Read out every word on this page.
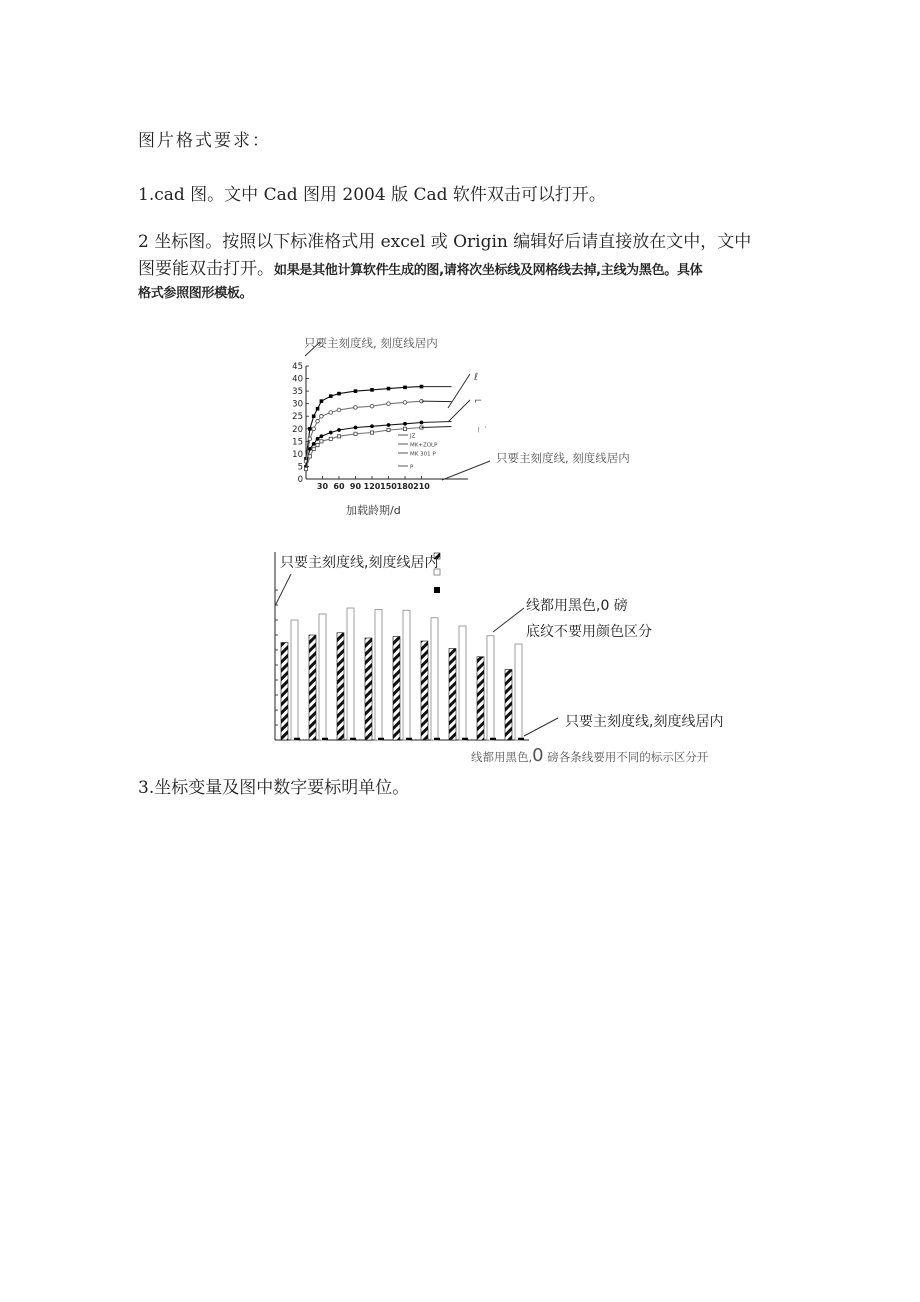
图片格式要求：
1.cad 图。文中 Cad 图用 2004 版 Cad 软件双击可以打开。
2 坐标图。按照以下标准格式用 excel 或 Origin 编辑好后请直接放在文中，文中
图要能双击打开。如果是其他计算软件生成的图,请将次坐标线及网格线去掉,主线为黑色。具体
格式参照图形模板。
0
5
10
15
20
25
30
35
40
45
30 60 90 120 150 180 210
JZ
MK+ZOLP
MK 301 P
P
只要主刻度线, 刻度线居内
ℓ
⌐
╷ ·
只要主刻度线, 刻度线居内
加载龄期/d
只要主刻度线,刻度线居内
线都用黑色,0 磅
底纹不要用颜色区分
只要主刻度线,刻度线居内
线都用黑色,0 磅各条线要用不同的标示区分开
3.坐标变量及图中数字要标明单位。
